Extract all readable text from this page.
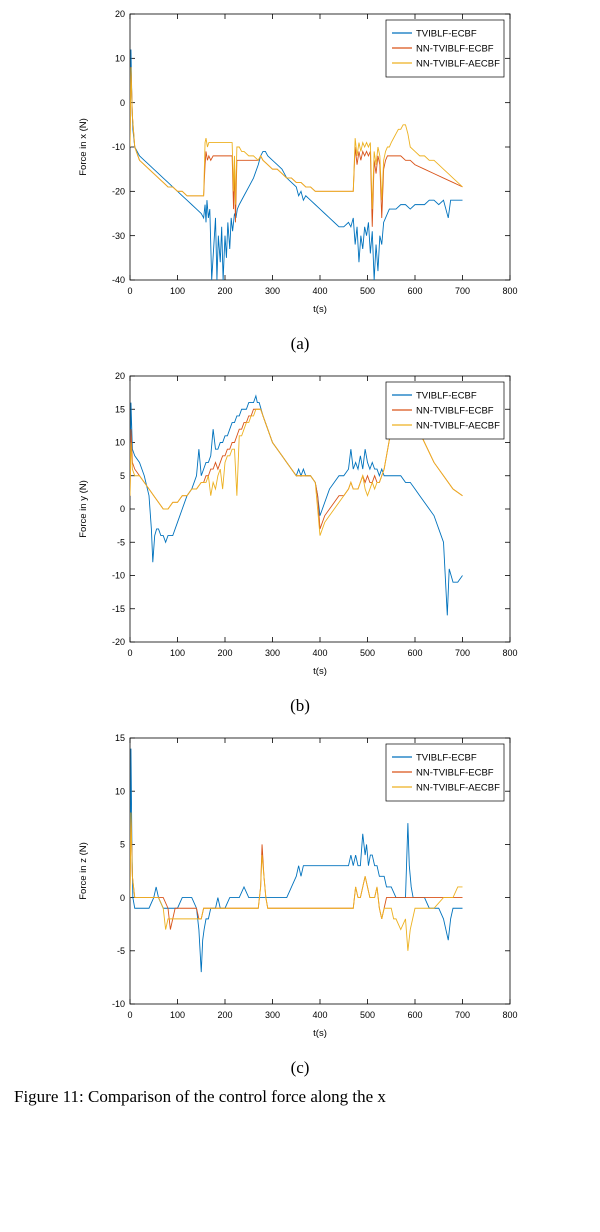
0	100	200	300	400	500	600	700	800
-40
-30
-20
-10
0
10
20
t(s)
Force in x (N)
TVIBLF-ECBF
NN-TVIBLF-ECBF
NN-TVIBLF-AECBF
(a)
0	100	200	300	400	500	600	700	800
-20
-15
-10
-5
0
5
10
15
20
t(s)
Force in y (N)
TVIBLF-ECBF
NN-TVIBLF-ECBF
NN-TVIBLF-AECBF
(b)
0	100	200	300	400	500	600	700	800
-10
-5
0
5
10
15
t(s)
Force in z (N)
TVIBLF-ECBF
NN-TVIBLF-ECBF
NN-TVIBLF-AECBF
(c)
Figure 11: Comparison of the control force along the x
